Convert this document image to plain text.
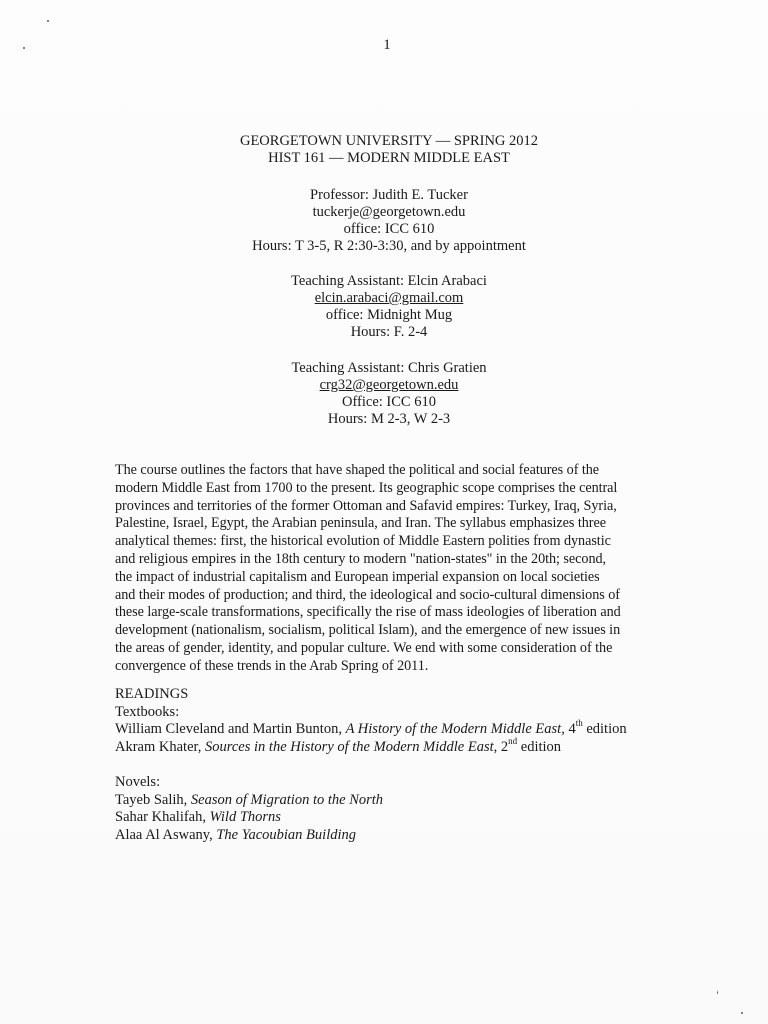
1
GEORGETOWN UNIVERSITY — SPRING 2012
HIST 161 — MODERN MIDDLE EAST
Professor: Judith E. Tucker
tuckerje@georgetown.edu
office: ICC 610
Hours: T 3-5, R 2:30-3:30, and by appointment
Teaching Assistant: Elcin Arabaci
elcin.arabaci@gmail.com
office: Midnight Mug
Hours: F. 2-4
Teaching Assistant: Chris Gratien
crg32@georgetown.edu
Office: ICC 610
Hours: M 2-3, W 2-3
The course outlines the factors that have shaped the political and social features of the
modern Middle East from 1700 to the present. Its geographic scope comprises the central
provinces and territories of the former Ottoman and Safavid empires: Turkey, Iraq, Syria,
Palestine, Israel, Egypt, the Arabian peninsula, and Iran. The syllabus emphasizes three
analytical themes: first, the historical evolution of Middle Eastern polities from dynastic
and religious empires in the 18th century to modern "nation-states" in the 20th; second,
the impact of industrial capitalism and European imperial expansion on local societies
and their modes of production; and third, the ideological and socio-cultural dimensions of
these large-scale transformations, specifically the rise of mass ideologies of liberation and
development (nationalism, socialism, political Islam), and the emergence of new issues in
the areas of gender, identity, and popular culture. We end with some consideration of the
convergence of these trends in the Arab Spring of 2011.
READINGS
Textbooks:
William Cleveland and Martin Bunton, A History of the Modern Middle East, 4th edition
Akram Khater, Sources in the History of the Modern Middle East, 2nd edition
Novels:
Tayeb Salih, Season of Migration to the North
Sahar Khalifah, Wild Thorns
Alaa Al Aswany, The Yacoubian Building
